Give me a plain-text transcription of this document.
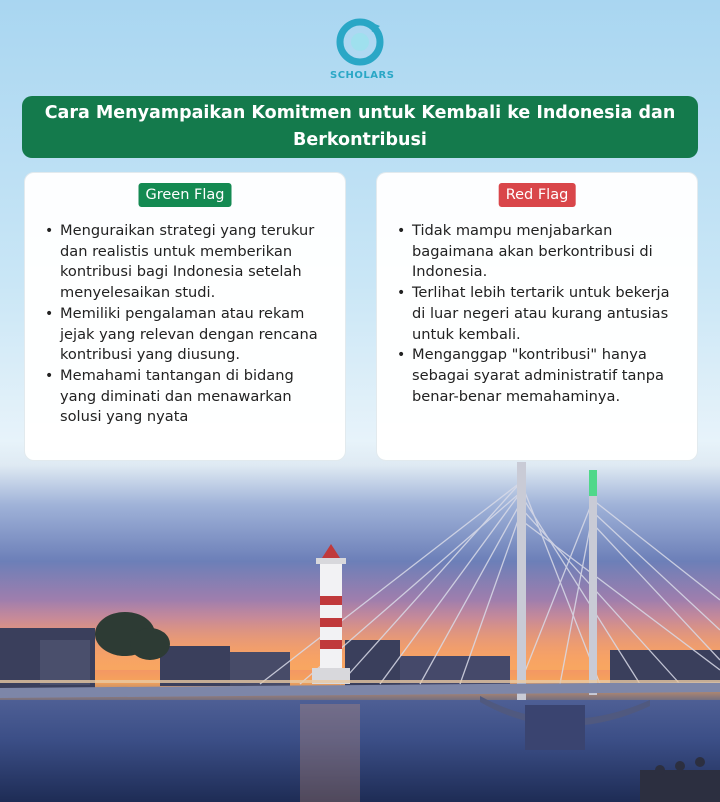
SCHOLARS
Cara Menyampaikan Komitmen untuk Kembali ke Indonesia dan Berkontribusi
Green Flag
• Menguraikan strategi yang terukur dan realistis untuk memberikan kontribusi bagi Indonesia setelah menyelesaikan studi.
• Memiliki pengalaman atau rekam jejak yang relevan dengan rencana kontribusi yang diusung.
• Memahami tantangan di bidang yang diminati dan menawarkan solusi yang nyata
Red Flag
• Tidak mampu menjabarkan bagaimana akan berkontribusi di Indonesia.
• Terlihat lebih tertarik untuk bekerja di luar negeri atau kurang antusias untuk kembali.
• Menganggap "kontribusi" hanya sebagai syarat administratif tanpa benar-benar memahaminya.
